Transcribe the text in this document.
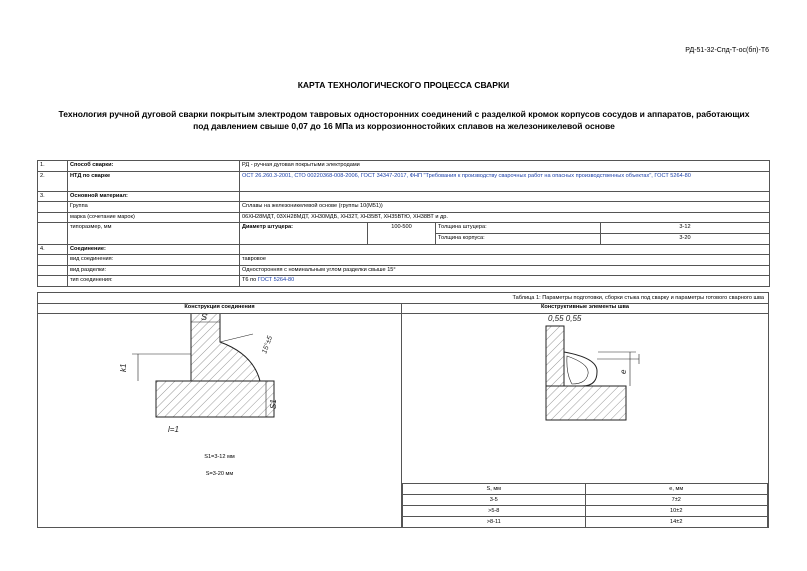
РД-51-32-Спд-Т-ос(бп)-Т6
КАРТА ТЕХНОЛОГИЧЕСКОГО ПРОЦЕССА СВАРКИ
Технология ручной дуговой сварки покрытым электродом тавровых односторонних соединений с разделкой кромок корпусов сосудов и аппаратов, работающих
под давлением свыше 0,07 до 16 МПа из коррозионностойких сплавов на железоникелевой основе
1.	Способ сварки:	РД - ручная дуговая покрытыми электродами			
2.	НТД по сварке	ОСТ 26.260.3-2001, СТО 00220368-008-2006, ГОСТ 34347-2017, ФНП "Требования к производству сварочных работ на опасных производственных объектах", ГОСТ 5264-80			
3.	Основной материал:				
	Группа	Сплавы на железоникелевой основе (группы 10(М51))			
	марка (сочетание марок)	06ХН28МДТ, 03ХН28МДТ, ХН30МДБ, ХН32Т, ХН35ВТ, ХН35ВТЮ, ХН38ВТ и др.			
	типоразмер, мм	Диаметр штуцера:	100-500	Толщина штуцера:	3-12
				Толщина корпуса:	3-20
4.	Соединение:				
	вид соединения:	тавровое			
	вид разделки:	Односторонняя с номинальным углом разделки свыше 15°			
	тип соединения:	Т6 по ГОСТ 5264-80			
Таблица 1: Параметры подготовки, сборки стыка под сварку и параметры готового сварного шва
Конструкция соединения	Конструктивные элементы шва
S
k1
S1
15°±5
l=1
S1=3-12 мм
S=3-20 мм
0,55 0,55
e
S, мм	e, мм
3-5	7±2
>5-8	10±2
>8-11	14±2
